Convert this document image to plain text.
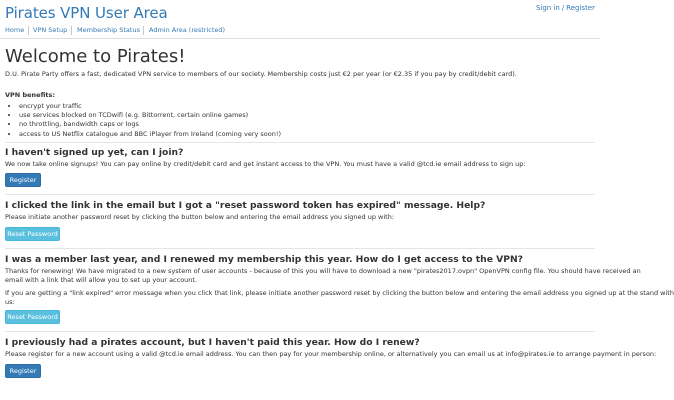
Pirates VPN User Area	Sign in / Register
Home VPN Setup Membership Status Admin Area (restricted)
Welcome to Pirates!
D.U. Pirate Party offers a fast, dedicated VPN service to members of our society. Membership costs just €2 per year (or €2.35 if you pay by credit/debit card).
VPN benefits:
• encrypt your traffic
• use services blocked on TCDwifi (e.g. Bittorrent, certain online games)
• no throttling, bandwidth caps or logs
• access to US Netflix catalogue and BBC iPlayer from Ireland (coming very soon!)
I haven't signed up yet, can I join?
We now take online signups! You can pay online by credit/debit card and get instant access to the VPN. You must have a valid @tcd.ie email address to sign up:
Register
I clicked the link in the email but I got a "reset password token has expired" message. Help?
Please initiate another password reset by clicking the button below and entering the email address you signed up with:
Reset Password
I was a member last year, and I renewed my membership this year. How do I get access to the VPN?
Thanks for renewing! We have migrated to a new system of user accounts - because of this you will have to download a new "pirates2017.ovpn" OpenVPN config file. You should have received an
email with a link that will allow you to set up your account.
If you are getting a "link expired" error message when you click that link, please initiate another password reset by clicking the button below and entering the email address you signed up at the stand with
us:
Reset Password
I previously had a pirates account, but I haven't paid this year. How do I renew?
Please register for a new account using a valid @tcd.ie email address. You can then pay for your membership online, or alternatively you can email us at info@pirates.ie to arrange payment in person:
Register
